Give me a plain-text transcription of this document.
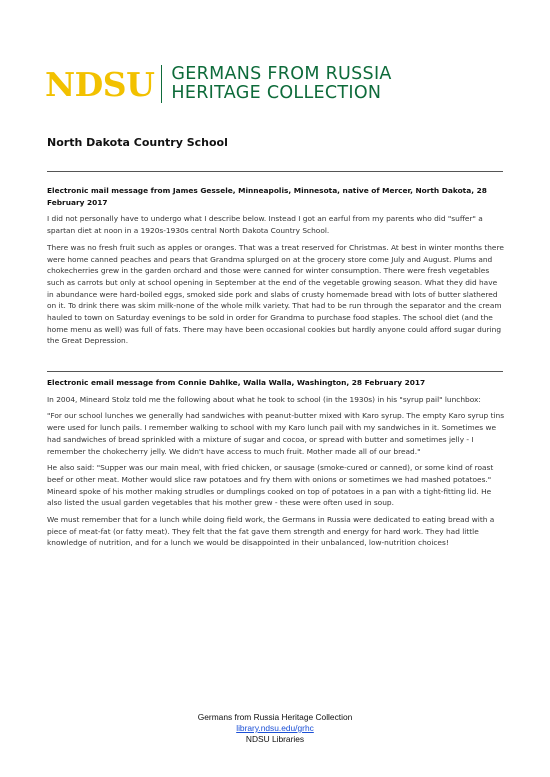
NDSU GERMANS FROM RUSSIA
HERITAGE COLLECTION
North Dakota Country School
Electronic mail message from James Gessele, Minneapolis, Minnesota, native of Mercer, North Dakota, 28 February 2017

I did not personally have to undergo what I describe below. Instead I got an earful from my parents who did "suffer" a spartan diet at noon in a 1920s-1930s central North Dakota Country School.

There was no fresh fruit such as apples or oranges. That was a treat reserved for Christmas. At best in winter months there were home canned peaches and pears that Grandma splurged on at the grocery store come July and August. Plums and chokecherries grew in the garden orchard and those were canned for winter consumption. There were fresh vegetables such as carrots but only at school opening in September at the end of the vegetable growing season. What they did have in abundance were hard-boiled eggs, smoked side pork and slabs of crusty homemade bread with lots of butter slathered on it. To drink there was skim milk-none of the whole milk variety. That had to be run through the separator and the cream hauled to town on Saturday evenings to be sold in order for Grandma to purchase food staples. The school diet (and the home menu as well) was full of fats. There may have been occasional cookies but hardly anyone could afford sugar during the Great Depression.

Electronic email message from Connie Dahlke, Walla Walla, Washington, 28 February 2017

In 2004, Mineard Stolz told me the following about what he took to school (in the 1930s) in his "syrup pail" lunchbox:

"For our school lunches we generally had sandwiches with peanut-butter mixed with Karo syrup. The empty Karo syrup tins were used for lunch pails. I remember walking to school with my Karo lunch pail with my sandwiches in it. Sometimes we had sandwiches of bread sprinkled with a mixture of sugar and cocoa, or spread with butter and sometimes jelly - I remember the chokecherry jelly. We didn't have access to much fruit. Mother made all of our bread."

He also said: "Supper was our main meal, with fried chicken, or sausage (smoke-cured or canned), or some kind of roast beef or other meat. Mother would slice raw potatoes and fry them with onions or sometimes we had mashed potatoes." Mineard spoke of his mother making strudles or dumplings cooked on top of potatoes in a pan with a tight-fitting lid. He also listed the usual garden vegetables that his mother grew - these were often used in soup.

We must remember that for a lunch while doing field work, the Germans in Russia were dedicated to eating bread with a piece of meat-fat (or fatty meat). They felt that the fat gave them strength and energy for hard work. They had little knowledge of nutrition, and for a lunch we would be disappointed in their unbalanced, low-nutrition choices!

Germans from Russia Heritage Collection
library.ndsu.edu/grhc
NDSU Libraries
